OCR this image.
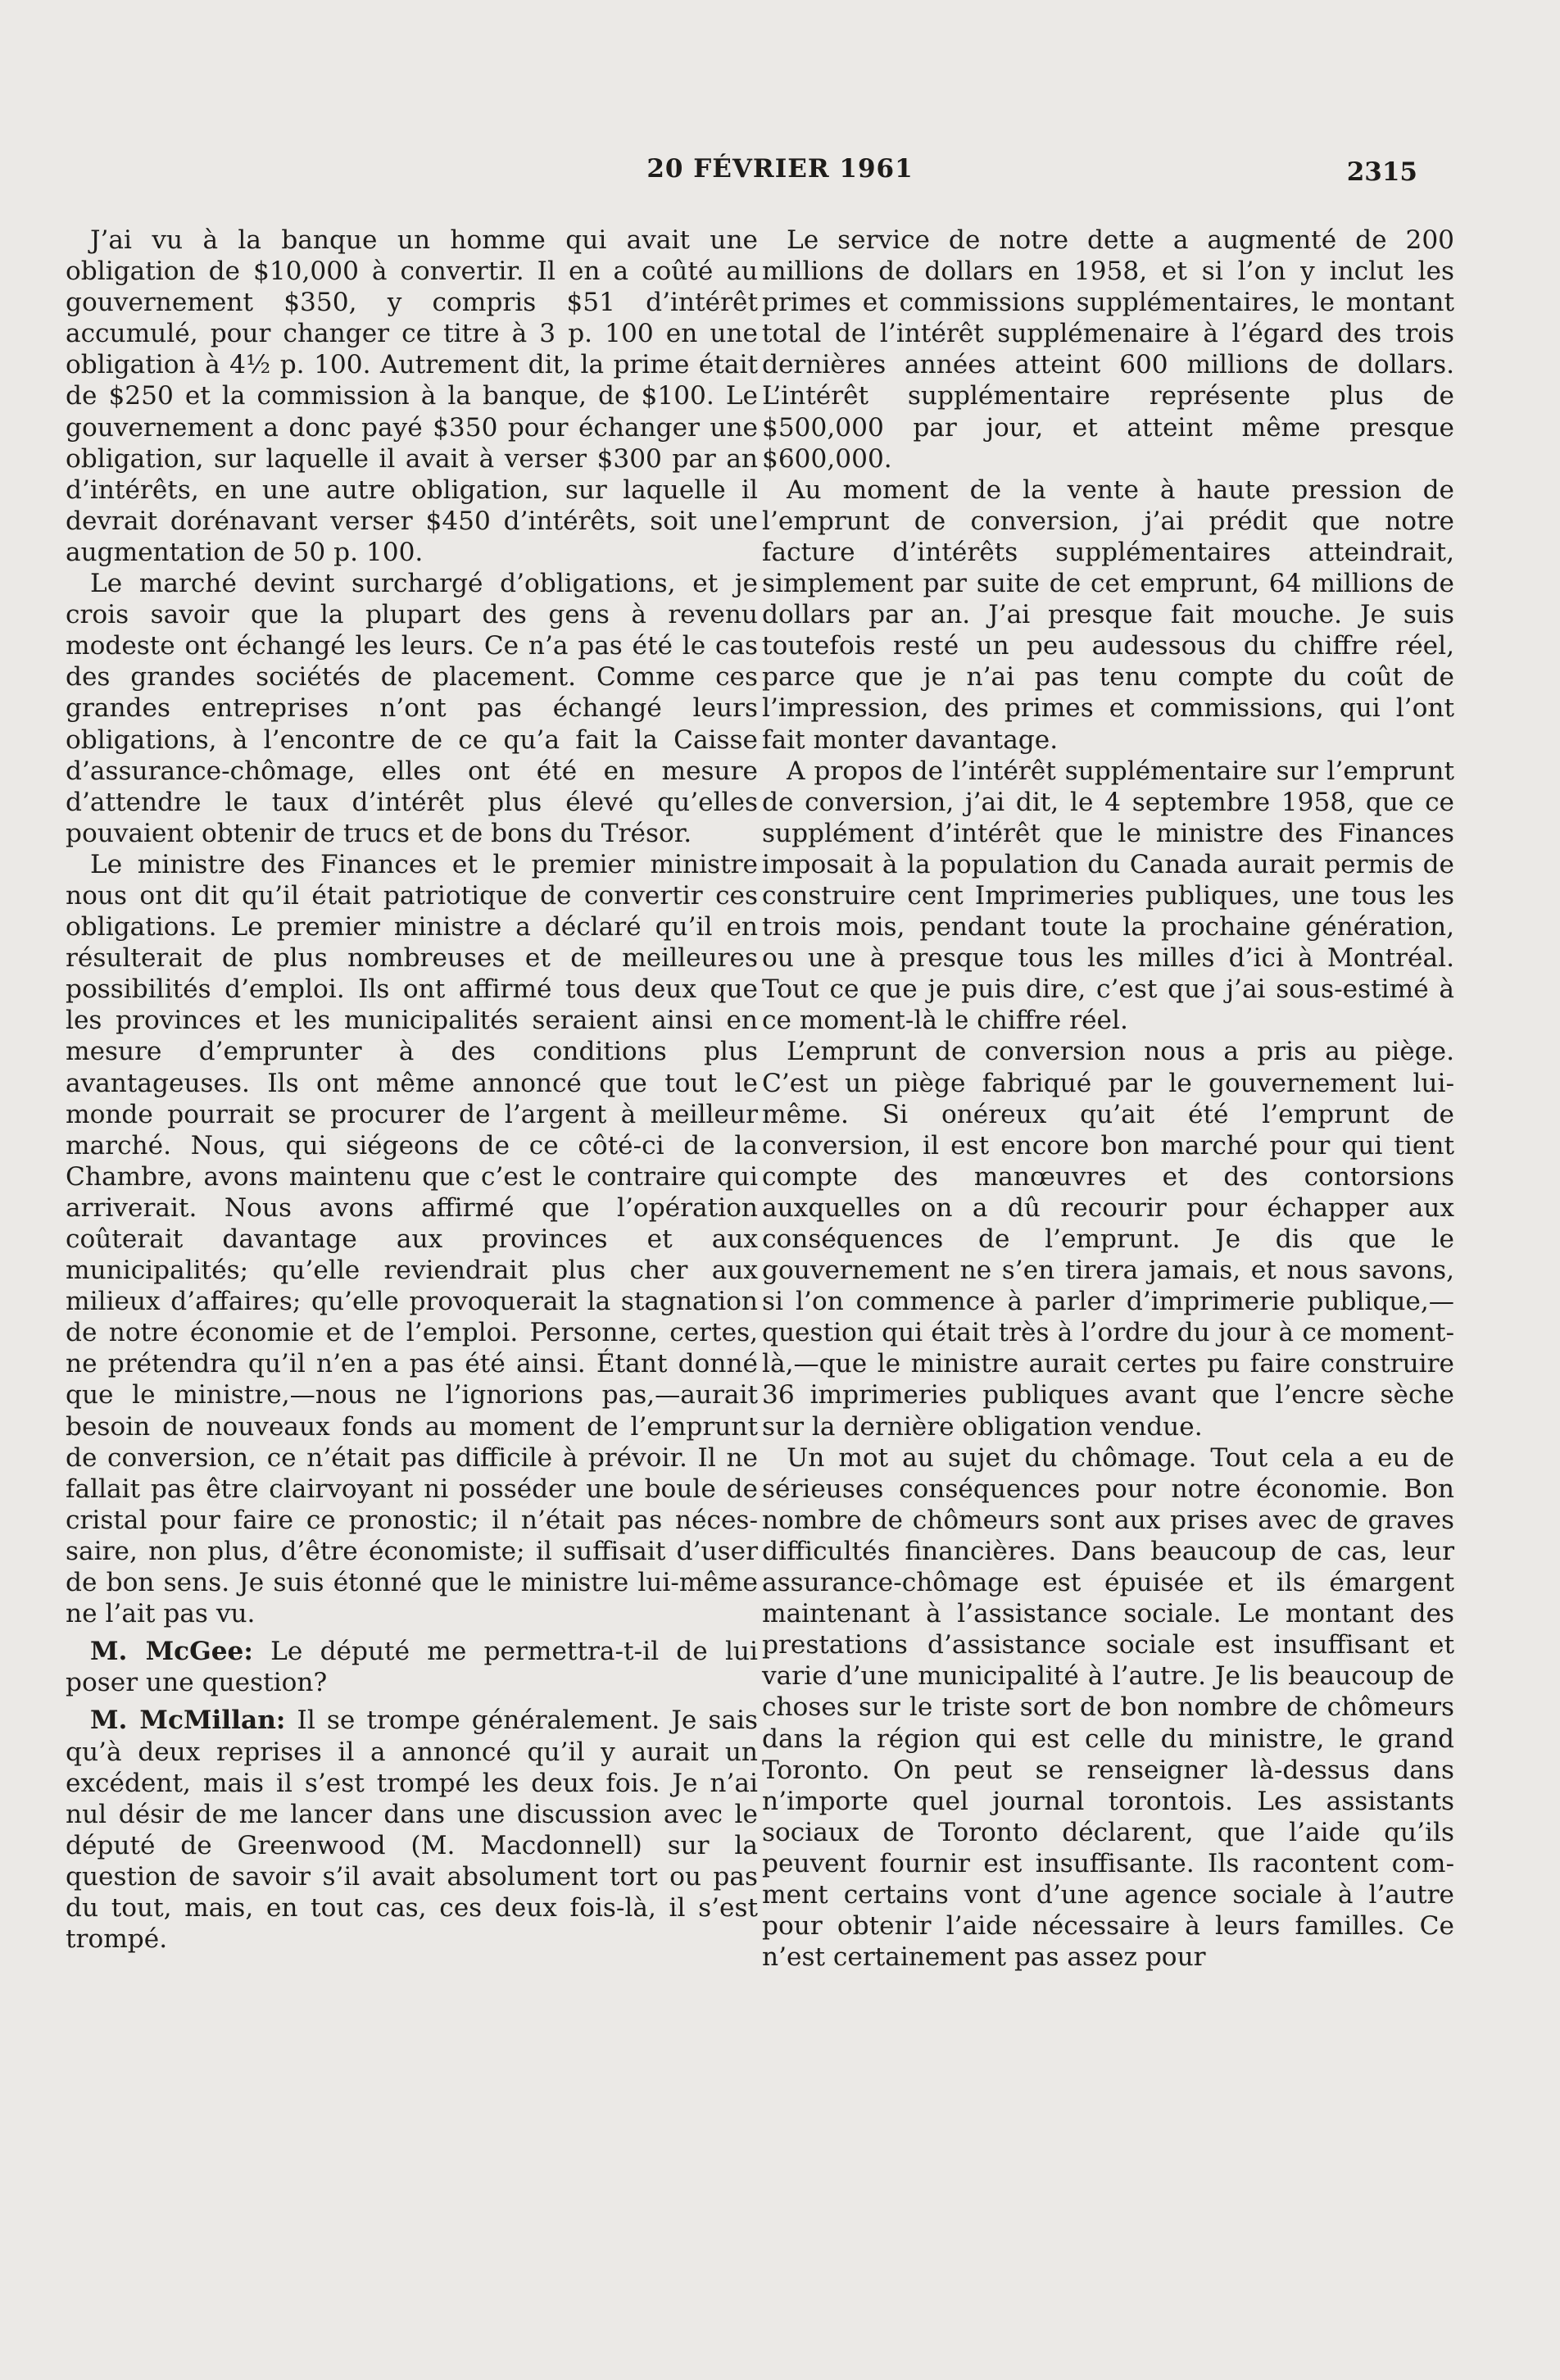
20 FÉVRIER 1961	2315

J’ai vu à la banque un homme qui avait une obligation de $10,000 à convertir. Il en a coûté au gouvernement $350, y compris $51 d’intérêt accumulé, pour changer ce titre à 3 p. 100 en une obligation à 4½ p. 100. Autrement dit, la prime était de $250 et la commission à la banque, de $100. Le gouvernement a donc payé $350 pour échanger une obligation, sur laquelle il avait à verser $300 par an d’intérêts, en une autre obligation, sur laquelle il devrait dorénavant verser $450 d’intérêts, soit une augmentation de 50 p. 100.

Le marché devint surchargé d’obligations, et je crois savoir que la plupart des gens à revenu modeste ont échangé les leurs. Ce n’a pas été le cas des grandes sociétés de placement. Comme ces grandes entreprises n’ont pas échangé leurs obligations, à l’encontre de ce qu’a fait la Caisse d’assurance-chômage, elles ont été en mesure d’attendre le taux d’intérêt plus élevé qu’elles pouvaient obtenir de trucs et de bons du Trésor.

Le ministre des Finances et le premier ministre nous ont dit qu’il était patriotique de convertir ces obligations. Le premier ministre a déclaré qu’il en résulterait de plus nombreuses et de meilleures possibilités d’emploi. Ils ont affirmé tous deux que les provinces et les municipalités seraient ainsi en mesure d’emprunter à des conditions plus avantageuses. Ils ont même annoncé que tout le monde pourrait se procurer de l’argent à meilleur marché. Nous, qui siégeons de ce côté-ci de la Chambre, avons maintenu que c’est le contraire qui arriverait. Nous avons affirmé que l’opération coûterait davantage aux provinces et aux municipalités; qu’elle reviendrait plus cher aux milieux d’affaires; qu’elle provoquerait la stagnation de notre économie et de l’emploi. Personne, certes, ne prétendra qu’il n’en a pas été ainsi. Étant donné que le ministre,—nous ne l’ignorions pas,—aurait besoin de nouveaux fonds au moment de l’emprunt de conversion, ce n’était pas difficile à prévoir. Il ne fallait pas être clairvoyant ni posséder une boule de cristal pour faire ce pronostic; il n’était pas nécessaire, non plus, d’être économiste; il suffisait d’user de bon sens. Je suis étonné que le ministre lui-même ne l’ait pas vu.

M. McGee: Le député me permettra-t-il de lui poser une question?

M. McMillan: Il se trompe généralement. Je sais qu’à deux reprises il a annoncé qu’il y aurait un excédent, mais il s’est trompé les deux fois. Je n’ai nul désir de me lancer dans une discussion avec le député de Greenwood (M. Macdonnell) sur la question de savoir s’il avait absolument tort ou pas du tout, mais, en tout cas, ces deux fois-là, il s’est trompé.

Le service de notre dette a augmenté de 200 millions de dollars en 1958, et si l’on y inclut les primes et commissions supplémentaires, le montant total de l’intérêt supplémenaire à l’égard des trois dernières années atteint 600 millions de dollars. L’intérêt supplémentaire représente plus de $500,000 par jour, et atteint même presque $600,000.

Au moment de la vente à haute pression de l’emprunt de conversion, j’ai prédit que notre facture d’intérêts supplémentaires atteindrait, simplement par suite de cet emprunt, 64 millions de dollars par an. J’ai presque fait mouche. Je suis toutefois resté un peu audessous du chiffre réel, parce que je n’ai pas tenu compte du coût de l’impression, des primes et commissions, qui l’ont fait monter davantage.

A propos de l’intérêt supplémentaire sur l’emprunt de conversion, j’ai dit, le 4 septembre 1958, que ce supplément d’intérêt que le ministre des Finances imposait à la population du Canada aurait permis de construire cent Imprimeries publiques, une tous les trois mois, pendant toute la prochaine génération, ou une à presque tous les milles d’ici à Montréal. Tout ce que je puis dire, c’est que j’ai sous-estimé à ce moment-là le chiffre réel.

L’emprunt de conversion nous a pris au piège. C’est un piège fabriqué par le gouvernement lui-même. Si onéreux qu’ait été l’emprunt de conversion, il est encore bon marché pour qui tient compte des manœuvres et des contorsions auxquelles on a dû recourir pour échapper aux conséquences de l’emprunt. Je dis que le gouvernement ne s’en tirera jamais, et nous savons, si l’on commence à parler d’imprimerie publique,—question qui était très à l’ordre du jour à ce moment-là,—que le ministre aurait certes pu faire construire 36 imprimeries publiques avant que l’encre sèche sur la dernière obligation vendue.

Un mot au sujet du chômage. Tout cela a eu de sérieuses conséquences pour notre économie. Bon nombre de chômeurs sont aux prises avec de graves difficultés financières. Dans beaucoup de cas, leur assurance-chômage est épuisée et ils émargent maintenant à l’assistance sociale. Le montant des prestations d’assistance sociale est insuffisant et varie d’une municipalité à l’autre. Je lis beaucoup de choses sur le triste sort de bon nombre de chômeurs dans la région qui est celle du ministre, le grand Toronto. On peut se renseigner là-dessus dans n’importe quel journal torontois. Les assistants sociaux de Toronto déclarent, que l’aide qu’ils peuvent fournir est insuffisante. Ils racontent comment certains vont d’une agence sociale à l’autre pour obtenir l’aide nécessaire à leurs familles. Ce n’est certainement pas assez pour
